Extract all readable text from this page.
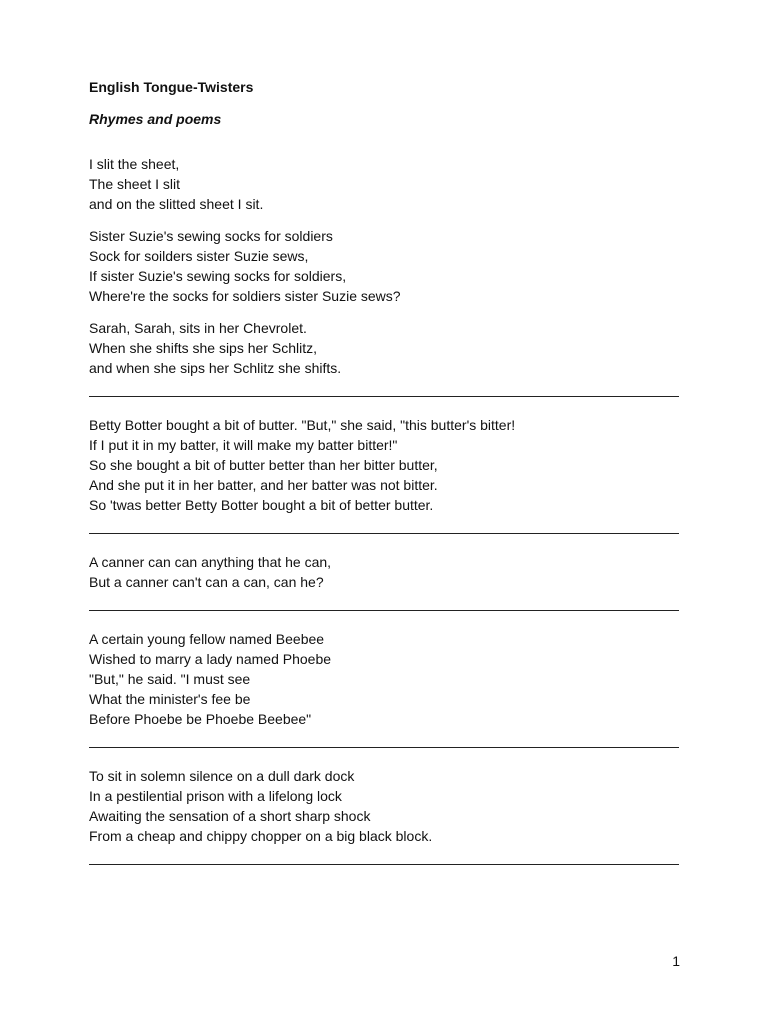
English Tongue-Twisters
Rhymes and poems
I slit the sheet,
The sheet I slit
and on the slitted sheet I sit.
Sister Suzie's sewing socks for soldiers
Sock for soilders sister Suzie sews,
If sister Suzie's sewing socks for soldiers,
Where're the socks for soldiers sister Suzie sews?
Sarah, Sarah, sits in her Chevrolet.
When she shifts she sips her Schlitz,
and when she sips her Schlitz she shifts.
Betty Botter bought a bit of butter. "But," she said, "this butter's bitter!
If I put it in my batter, it will make my batter bitter!"
So she bought a bit of butter better than her bitter butter,
And she put it in her batter, and her batter was not bitter.
So 'twas better Betty Botter bought a bit of better butter.
A canner can can anything that he can,
But a canner can't can a can, can he?
A certain young fellow named Beebee
Wished to marry a lady named Phoebe
"But," he said. "I must see
What the minister's fee be
Before Phoebe be Phoebe Beebee"
To sit in solemn silence on a dull dark dock
In a pestilential prison with a lifelong lock
Awaiting the sensation of a short sharp shock
From a cheap and chippy chopper on a big black block.
1
